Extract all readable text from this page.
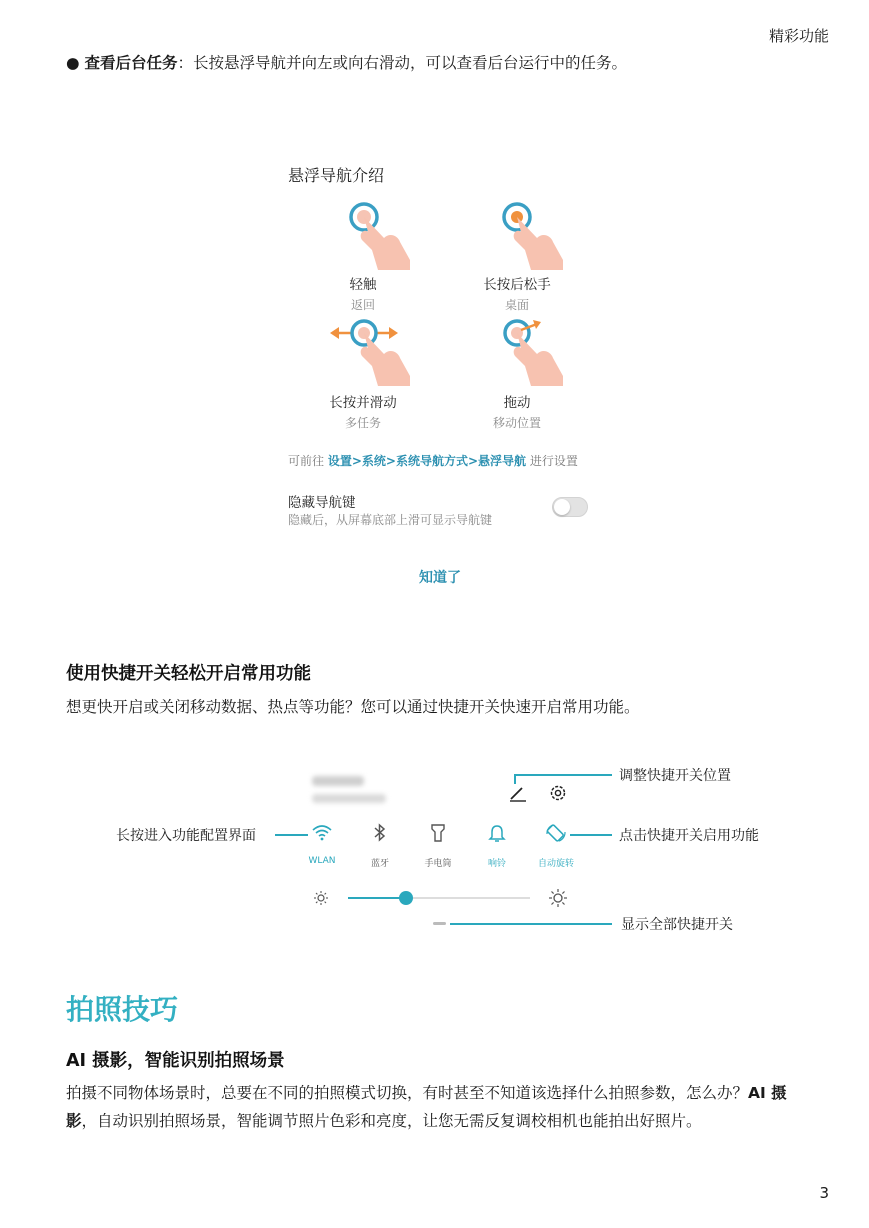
精彩功能
● 查看后台任务：长按悬浮导航并向左或向右滑动，可以查看后台运行中的任务。
悬浮导航介绍
轻触
返回
长按后松手
桌面
长按并滑动
多任务
拖动
移动位置
可前往 设置>系统>系统导航方式>悬浮导航 进行设置
隐藏导航键
隐藏后，从屏幕底部上滑可显示导航键
知道了
使用快捷开关轻松开启常用功能
想更快开启或关闭移动数据、热点等功能？您可以通过快捷开关快速开启常用功能。
调整快捷开关位置
WLAN	蓝牙	手电筒	响铃	自动旋转
长按进入功能配置界面	点击快捷开关启用功能
显示全部快捷开关
拍照技巧
AI 摄影，智能识别拍照场景
拍摄不同物体场景时，总要在不同的拍照模式切换，有时甚至不知道该选择什么拍照参数，怎么办？AI 摄影，自动识别拍照场景，智能调节照片色彩和亮度，让您无需反复调校相机也能拍出好照片。
3
